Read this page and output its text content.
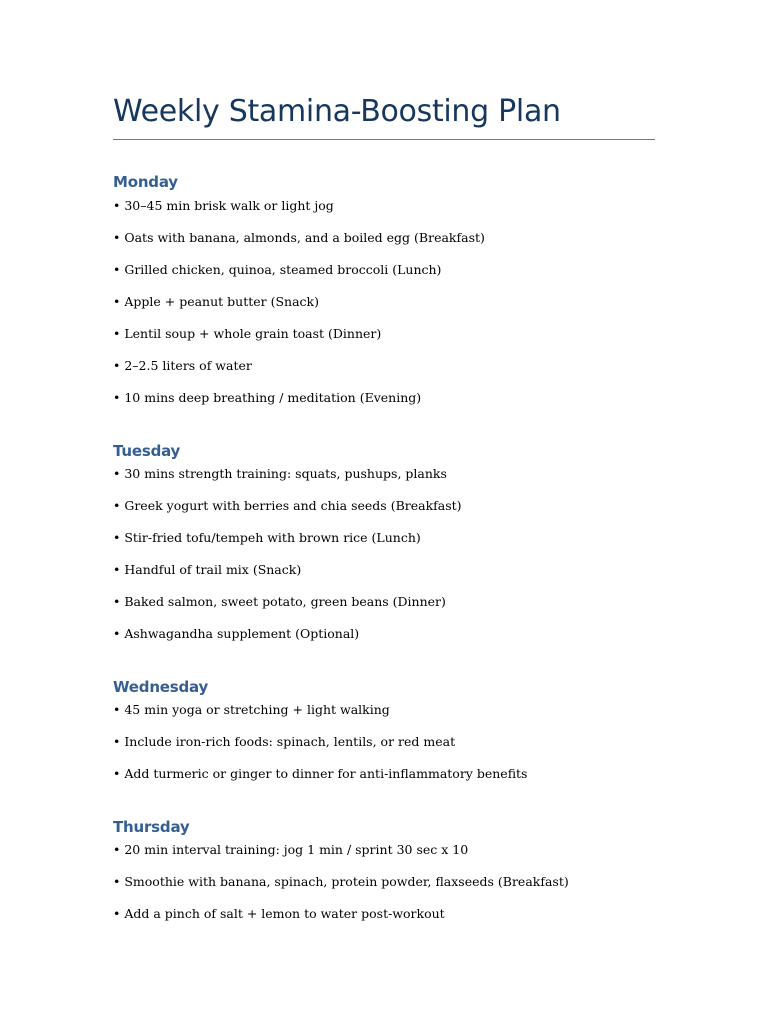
Weekly Stamina-Boosting Plan
Monday
• 30–45 min brisk walk or light jog
• Oats with banana, almonds, and a boiled egg (Breakfast)
• Grilled chicken, quinoa, steamed broccoli (Lunch)
• Apple + peanut butter (Snack)
• Lentil soup + whole grain toast (Dinner)
• 2–2.5 liters of water
• 10 mins deep breathing / meditation (Evening)
Tuesday
• 30 mins strength training: squats, pushups, planks
• Greek yogurt with berries and chia seeds (Breakfast)
• Stir-fried tofu/tempeh with brown rice (Lunch)
• Handful of trail mix (Snack)
• Baked salmon, sweet potato, green beans (Dinner)
• Ashwagandha supplement (Optional)
Wednesday
• 45 min yoga or stretching + light walking
• Include iron-rich foods: spinach, lentils, or red meat
• Add turmeric or ginger to dinner for anti-inflammatory benefits
Thursday
• 20 min interval training: jog 1 min / sprint 30 sec x 10
• Smoothie with banana, spinach, protein powder, flaxseeds (Breakfast)
• Add a pinch of salt + lemon to water post-workout
